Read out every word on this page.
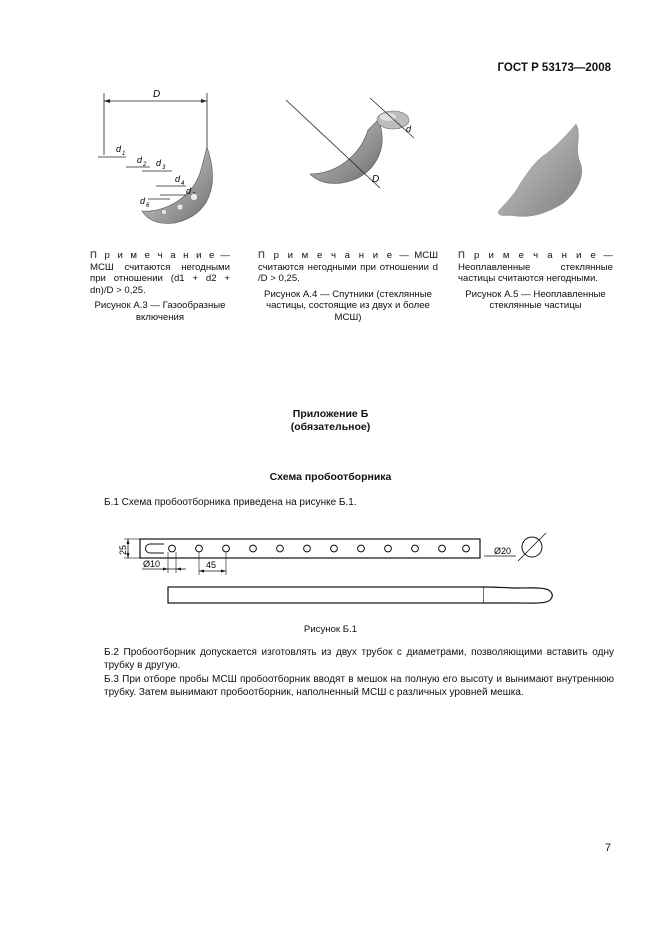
ГОСТ Р 53173—2008
D
d 1
d 2 d 3
d 4
d
d 6
П р и м е ч а н и е — МСШ считаются негодными при отношении (d1 + d2 + dn)/D > 0,25.
Рисунок А.3 — Газообразные включения
D
d
П р и м е ч а н и е — МСШ считаются негодными при отношении d /D > 0,25.
Рисунок А.4 — Спутники (стеклянные частицы, состоящие из двух и более МСШ)
П р и м е ч а н и е — Неоплавленные стеклянные частицы считаются негодными.
Рисунок А.5 — Неоплавленные стеклянные частицы
Приложение Б
(обязательное)
Схема пробоотборника
Б.1 Схема пробоотборника приведена на рисунке Б.1.
25
Ø10	45
Ø20
Рисунок Б.1
Б.2 Пробоотборник допускается изготовлять из двух трубок с диаметрами, позволяющими вставить одну трубку в другую.
Б.3 При отборе пробы МСШ пробоотборник вводят в мешок на полную его высоту и вынимают внутреннюю трубку. Затем вынимают пробоотборник, наполненный МСШ с различных уровней мешка.
7
